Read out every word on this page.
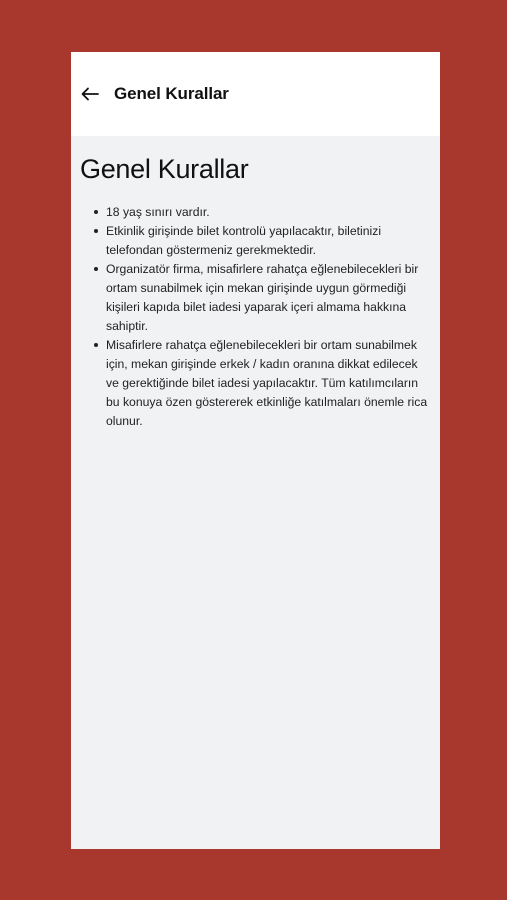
Genel Kurallar
Genel Kurallar
18 yaş sınırı vardır.
Etkinlik girişinde bilet kontrolü yapılacaktır, biletinizi telefondan göstermeniz gerekmektedir.
Organizatör firma, misafirlere rahatça eğlenebilecekleri bir ortam sunabilmek için mekan girişinde uygun görmediği kişileri kapıda bilet iadesi yaparak içeri almama hakkına sahiptir.
Misafirlere rahatça eğlenebilecekleri bir ortam sunabilmek için, mekan girişinde erkek / kadın oranına dikkat edilecek ve gerektiğinde bilet iadesi yapılacaktır. Tüm katılımcıların bu konuya özen göstererek etkinliğe katılmaları önemle rica olunur.
